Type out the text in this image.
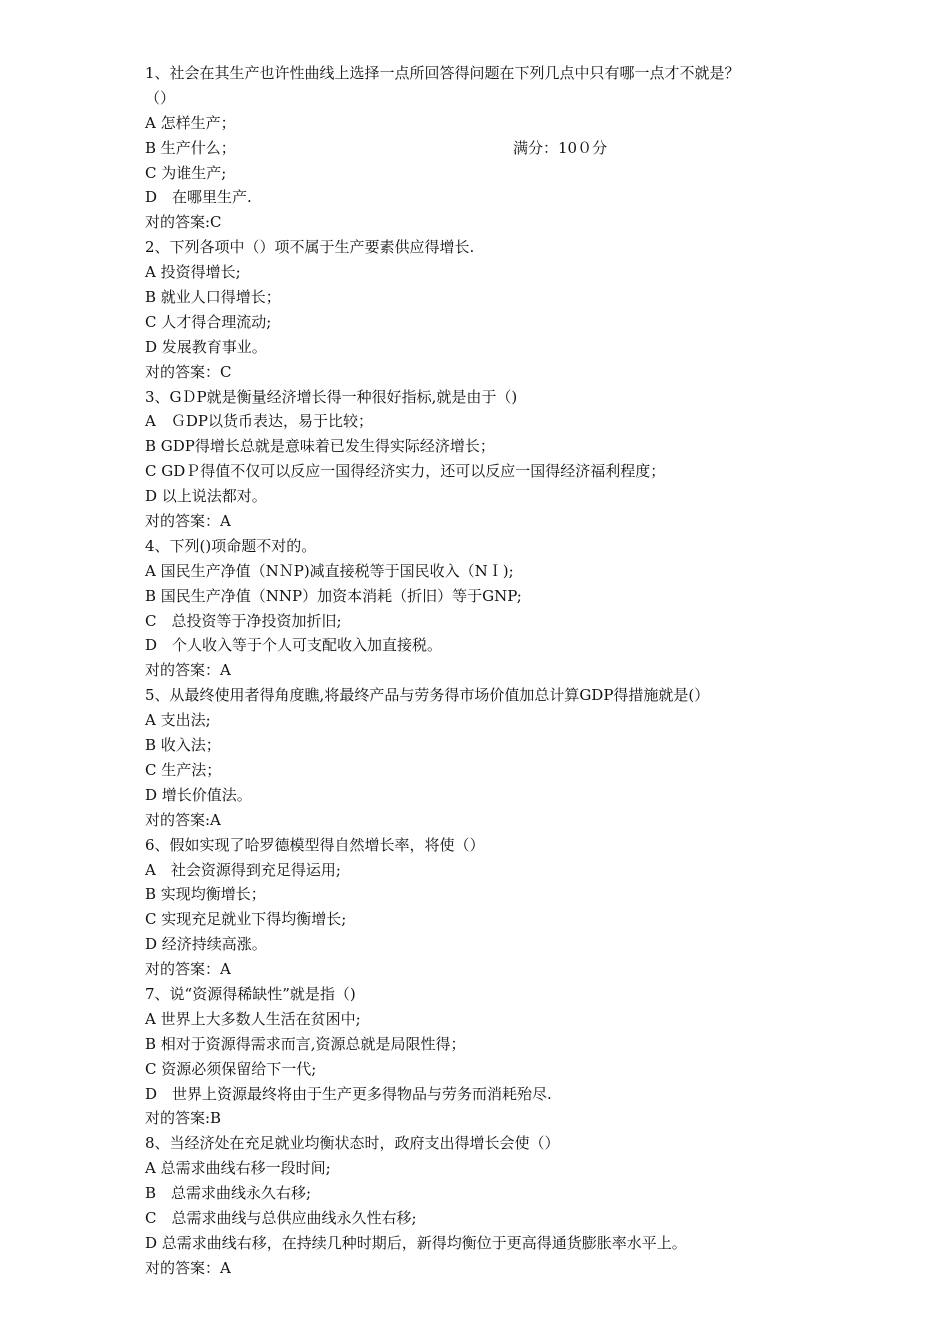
1、社会在其生产也许性曲线上选择一点所回答得问题在下列几点中只有哪一点才不就是？
（）
A 怎样生产；
B 生产什么；	满分：10０分
C 为谁生产;
D　在哪里生产.
对的答案:C
2、下列各项中（）项不属于生产要素供应得增长.
A 投资得增长;
B 就业人口得增长；
C 人才得合理流动;
D 发展教育事业。
对的答案：C
3、GＤP就是衡量经济增长得一种很好指标,就是由于（)
A　ＧDP以货币表达，易于比较；
B GDP得增长总就是意味着已发生得实际经济增长；
C GDＰ得值不仅可以反应一国得经济实力，还可以反应一国得经济福利程度；
D 以上说法都对。
对的答案：A
4、下列()项命题不对的。
A 国民生产净值（NＮP)减直接税等于国民收入（NＩ);
B 国民生产净值（NNP）加资本消耗（折旧）等于GNP;
C　总投资等于净投资加折旧;
D　个人收入等于个人可支配收入加直接税。
对的答案：A
5、从最终使用者得角度瞧,将最终产品与劳务得市场价值加总计算GDP得措施就是(）
A 支出法;
B 收入法；
C 生产法；
D 增长价值法。
对的答案:A
6、假如实现了哈罗德模型得自然增长率，将使（）
A　社会资源得到充足得运用;
B 实现均衡增长；
C 实现充足就业下得均衡增长;
D 经济持续高涨。
对的答案：A
7、说“资源得稀缺性”就是指（)
A 世界上大多数人生活在贫困中;
B 相对于资源得需求而言,资源总就是局限性得；
C 资源必须保留给下一代;
D　世界上资源最终将由于生产更多得物品与劳务而消耗殆尽.
对的答案:B
8、当经济处在充足就业均衡状态时，政府支出得增长会使（）
A 总需求曲线右移一段时间;
B　总需求曲线永久右移;
C　总需求曲线与总供应曲线永久性右移;
D 总需求曲线右移，在持续几种时期后，新得均衡位于更高得通货膨胀率水平上。
对的答案：A
